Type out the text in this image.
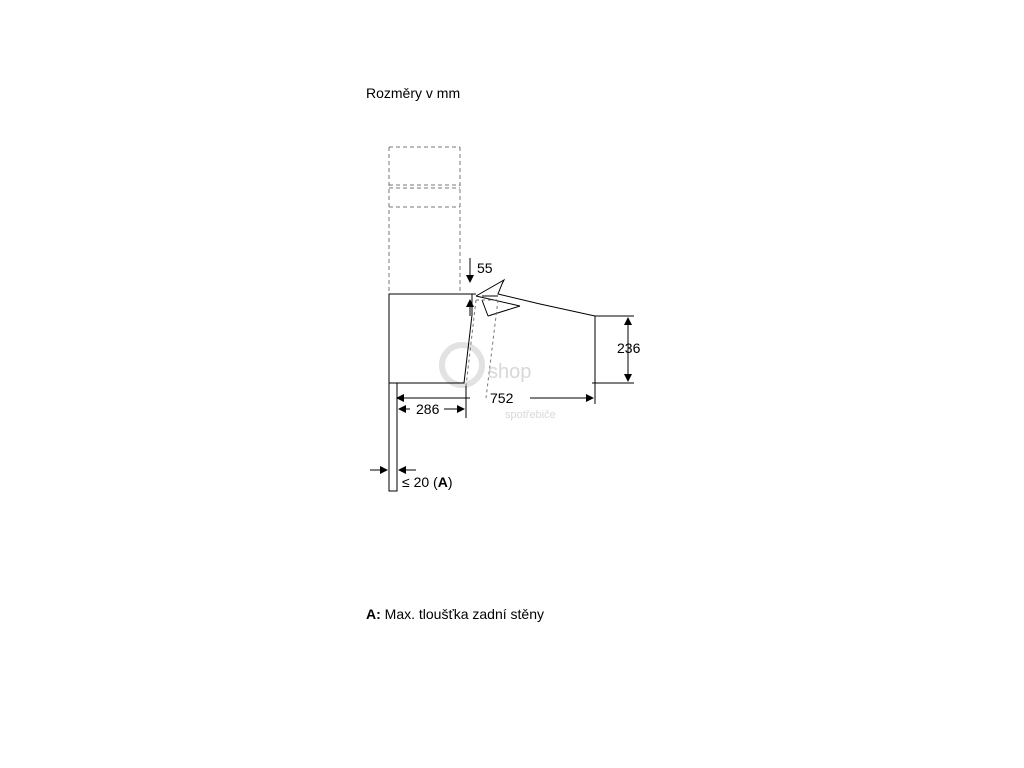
Rozměry v mm
shop
spotřebiče
55
236
752
286
≤ 20 (A)
A: Max. tloušťka zadní stěny
